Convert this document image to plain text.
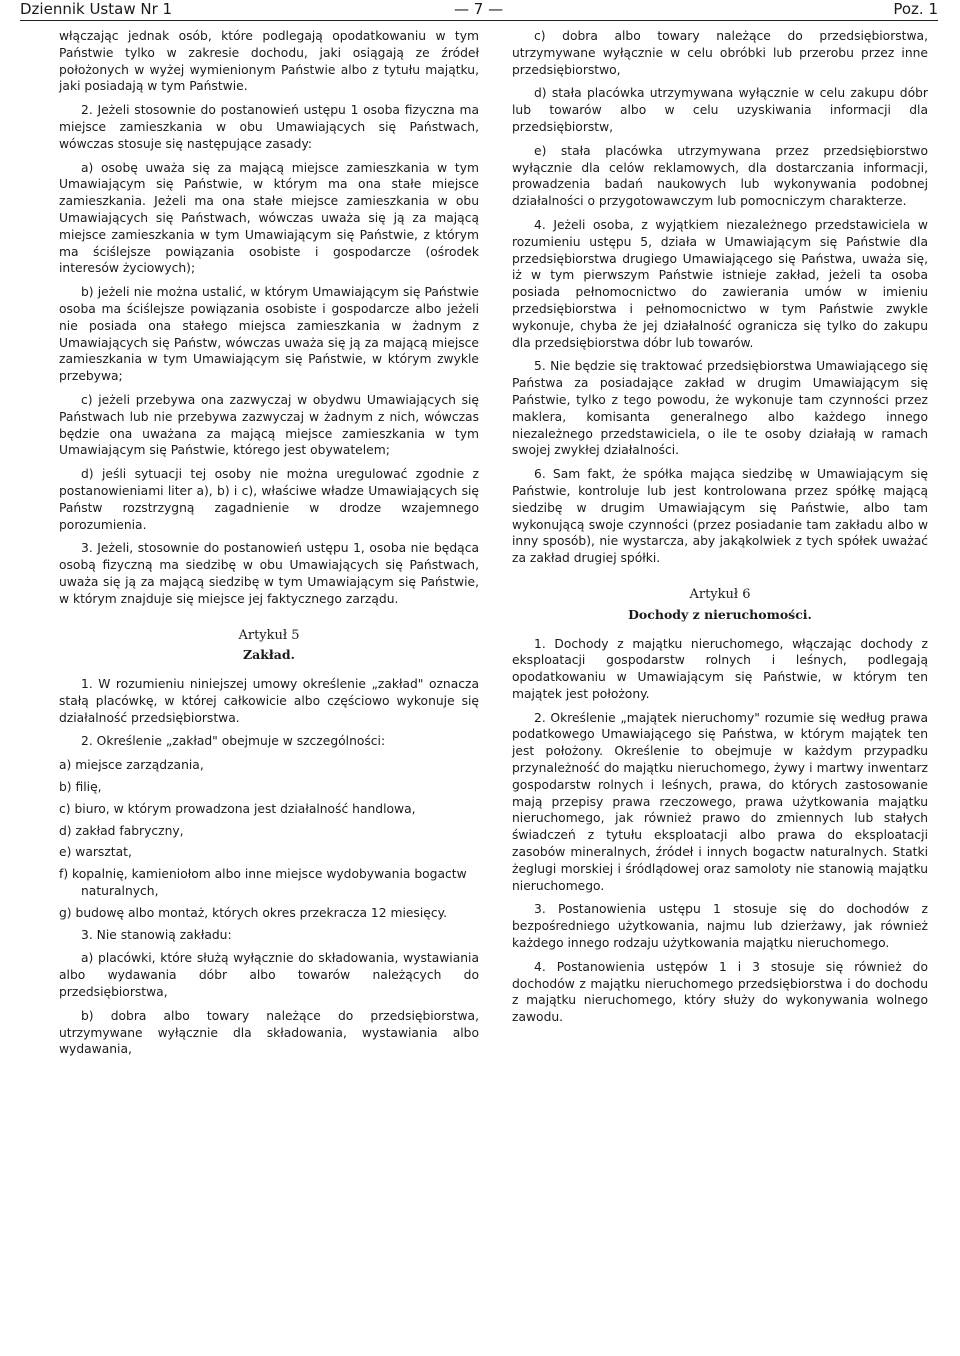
Dziennik Ustaw Nr 1	— 7 —	Poz. 1

włączając jednak osób, które podlegają opodatkowaniu w tym Państwie tylko w zakresie dochodu, jaki osiągają ze źródeł położonych w wyżej wymienionym Państwie albo z tytułu majątku, jaki posiadają w tym Państwie.

2. Jeżeli stosownie do postanowień ustępu 1 osoba fizyczna ma miejsce zamieszkania w obu Umawiających się Państwach, wówczas stosuje się następujące zasady:

a) osobę uważa się za mającą miejsce zamieszkania w tym Umawiającym się Państwie, w którym ma ona stałe miejsce zamieszkania. Jeżeli ma ona stałe miejsce zamieszkania w obu Umawiających się Państwach, wówczas uważa się ją za mającą miejsce zamieszkania w tym Umawiającym się Państwie, z którym ma ściślejsze powiązania osobiste i gospodarcze (ośrodek interesów życiowych);

b) jeżeli nie można ustalić, w którym Umawiającym się Państwie osoba ma ściślejsze powiązania osobiste i gospodarcze albo jeżeli nie posiada ona stałego miejsca zamieszkania w żadnym z Umawiających się Państw, wówczas uważa się ją za mającą miejsce zamieszkania w tym Umawiającym się Państwie, w którym zwykle przebywa;

c) jeżeli przebywa ona zazwyczaj w obydwu Umawiających się Państwach lub nie przebywa zazwyczaj w żadnym z nich, wówczas będzie ona uważana za mającą miejsce zamieszkania w tym Umawiającym się Państwie, którego jest obywatelem;

d) jeśli sytuacji tej osoby nie można uregulować zgodnie z postanowieniami liter a), b) i c), właściwe władze Umawiających się Państw rozstrzygną zagadnienie w drodze wzajemnego porozumienia.

3. Jeżeli, stosownie do postanowień ustępu 1, osoba nie będąca osobą fizyczną ma siedzibę w obu Umawiających się Państwach, uważa się ją za mającą siedzibę w tym Umawiającym się Państwie, w którym znajduje się miejsce jej faktycznego zarządu.

Artykuł 5
Zakład.

1. W rozumieniu niniejszej umowy określenie „zakład" oznacza stałą placówkę, w której całkowicie albo częściowo wykonuje się działalność przedsiębiorstwa.

2. Określenie „zakład" obejmuje w szczególności:

a) miejsce zarządzania,
b) filię,
c) biuro, w którym prowadzona jest działalność handlowa,
d) zakład fabryczny,
e) warsztat,
f) kopalnię, kamieniołom albo inne miejsce wydobywania bogactw naturalnych,
g) budowę albo montaż, których okres przekracza 12 miesięcy.

3. Nie stanowią zakładu:

a) placówki, które służą wyłącznie do składowania, wystawiania albo wydawania dóbr albo towarów należących do przedsiębiorstwa,

b) dobra albo towary należące do przedsiębiorstwa, utrzymywane wyłącznie dla składowania, wystawiania albo wydawania,

c) dobra albo towary należące do przedsiębiorstwa, utrzymywane wyłącznie w celu obróbki lub przerobu przez inne przedsiębiorstwo,

d) stała placówka utrzymywana wyłącznie w celu zakupu dóbr lub towarów albo w celu uzyskiwania informacji dla przedsiębiorstw,

e) stała placówka utrzymywana przez przedsiębiorstwo wyłącznie dla celów reklamowych, dla dostarczania informacji, prowadzenia badań naukowych lub wykonywania podobnej działalności o przygotowawczym lub pomocniczym charakterze.

4. Jeżeli osoba, z wyjątkiem niezależnego przedstawiciela w rozumieniu ustępu 5, działa w Umawiającym się Państwie dla przedsiębiorstwa drugiego Umawiającego się Państwa, uważa się, iż w tym pierwszym Państwie istnieje zakład, jeżeli ta osoba posiada pełnomocnictwo do zawierania umów w imieniu przedsiębiorstwa i pełnomocnictwo w tym Państwie zwykle wykonuje, chyba że jej działalność ogranicza się tylko do zakupu dla przedsiębiorstwa dóbr lub towarów.

5. Nie będzie się traktować przedsiębiorstwa Umawiającego się Państwa za posiadające zakład w drugim Umawiającym się Państwie, tylko z tego powodu, że wykonuje tam czynności przez maklera, komisanta generalnego albo każdego innego niezależnego przedstawiciela, o ile te osoby działają w ramach swojej zwykłej działalności.

6. Sam fakt, że spółka mająca siedzibę w Umawiającym się Państwie, kontroluje lub jest kontrolowana przez spółkę mającą siedzibę w drugim Umawiającym się Państwie, albo tam wykonującą swoje czynności (przez posiadanie tam zakładu albo w inny sposób), nie wystarcza, aby jakąkolwiek z tych spółek uważać za zakład drugiej spółki.

Artykuł 6
Dochody z nieruchomości.

1. Dochody z majątku nieruchomego, włączając dochody z eksploatacji gospodarstw rolnych i leśnych, podlegają opodatkowaniu w Umawiającym się Państwie, w którym ten majątek jest położony.

2. Określenie „majątek nieruchomy" rozumie się według prawa podatkowego Umawiającego się Państwa, w którym majątek ten jest położony. Określenie to obejmuje w każdym przypadku przynależność do majątku nieruchomego, żywy i martwy inwentarz gospodarstw rolnych i leśnych, prawa, do których zastosowanie mają przepisy prawa rzeczowego, prawa użytkowania majątku nieruchomego, jak również prawo do zmiennych lub stałych świadczeń z tytułu eksploatacji albo prawa do eksploatacji zasobów mineralnych, źródeł i innych bogactw naturalnych. Statki żeglugi morskiej i śródlądowej oraz samoloty nie stanowią majątku nieruchomego.

3. Postanowienia ustępu 1 stosuje się do dochodów z bezpośredniego użytkowania, najmu lub dzierżawy, jak również każdego innego rodzaju użytkowania majątku nieruchomego.

4. Postanowienia ustępów 1 i 3 stosuje się również do dochodów z majątku nieruchomego przedsiębiorstwa i do dochodu z majątku nieruchomego, który służy do wykonywania wolnego zawodu.
